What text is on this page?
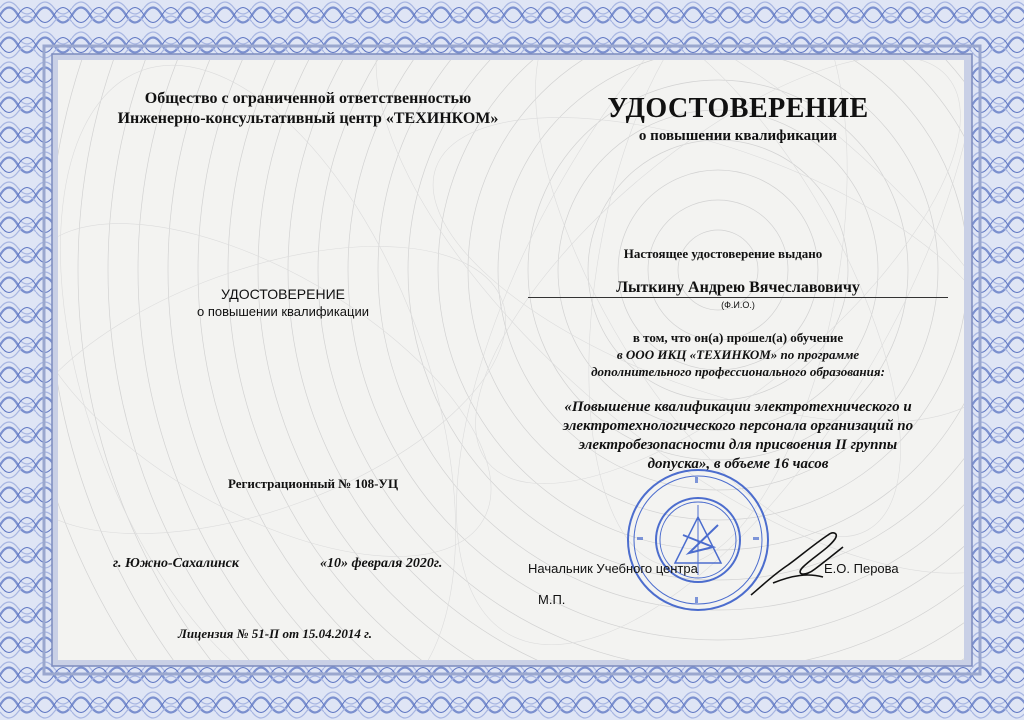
Общество с ограниченной ответственностью
Инженерно-консультативный центр «ТЕХИНКОМ»	УДОСТОВЕРЕНИЕ
о повышении квалификации
УДОСТОВЕРЕНИЕ
о повышении квалификации
Регистрационный № 108-УЦ
г. Южно-Сахалинск	«10» февраля 2020г.
Лицензия № 51-П от 15.04.2014 г.
Настоящее удостоверение выдано
Лыткину Андрею Вячеславовичу
(Ф.И.О.)
в том, что он(а) прошел(а) обучение
в ООО ИКЦ «ТЕХИНКОМ» по программе
дополнительного профессионального образования:
«Повышение квалификации электротехнического и
электротехнологического персонала организаций по
электробезопасности для присвоения II группы
допуска», в объеме 16 часов
Начальник Учебного центра	Е.О. Перова
М.П.
